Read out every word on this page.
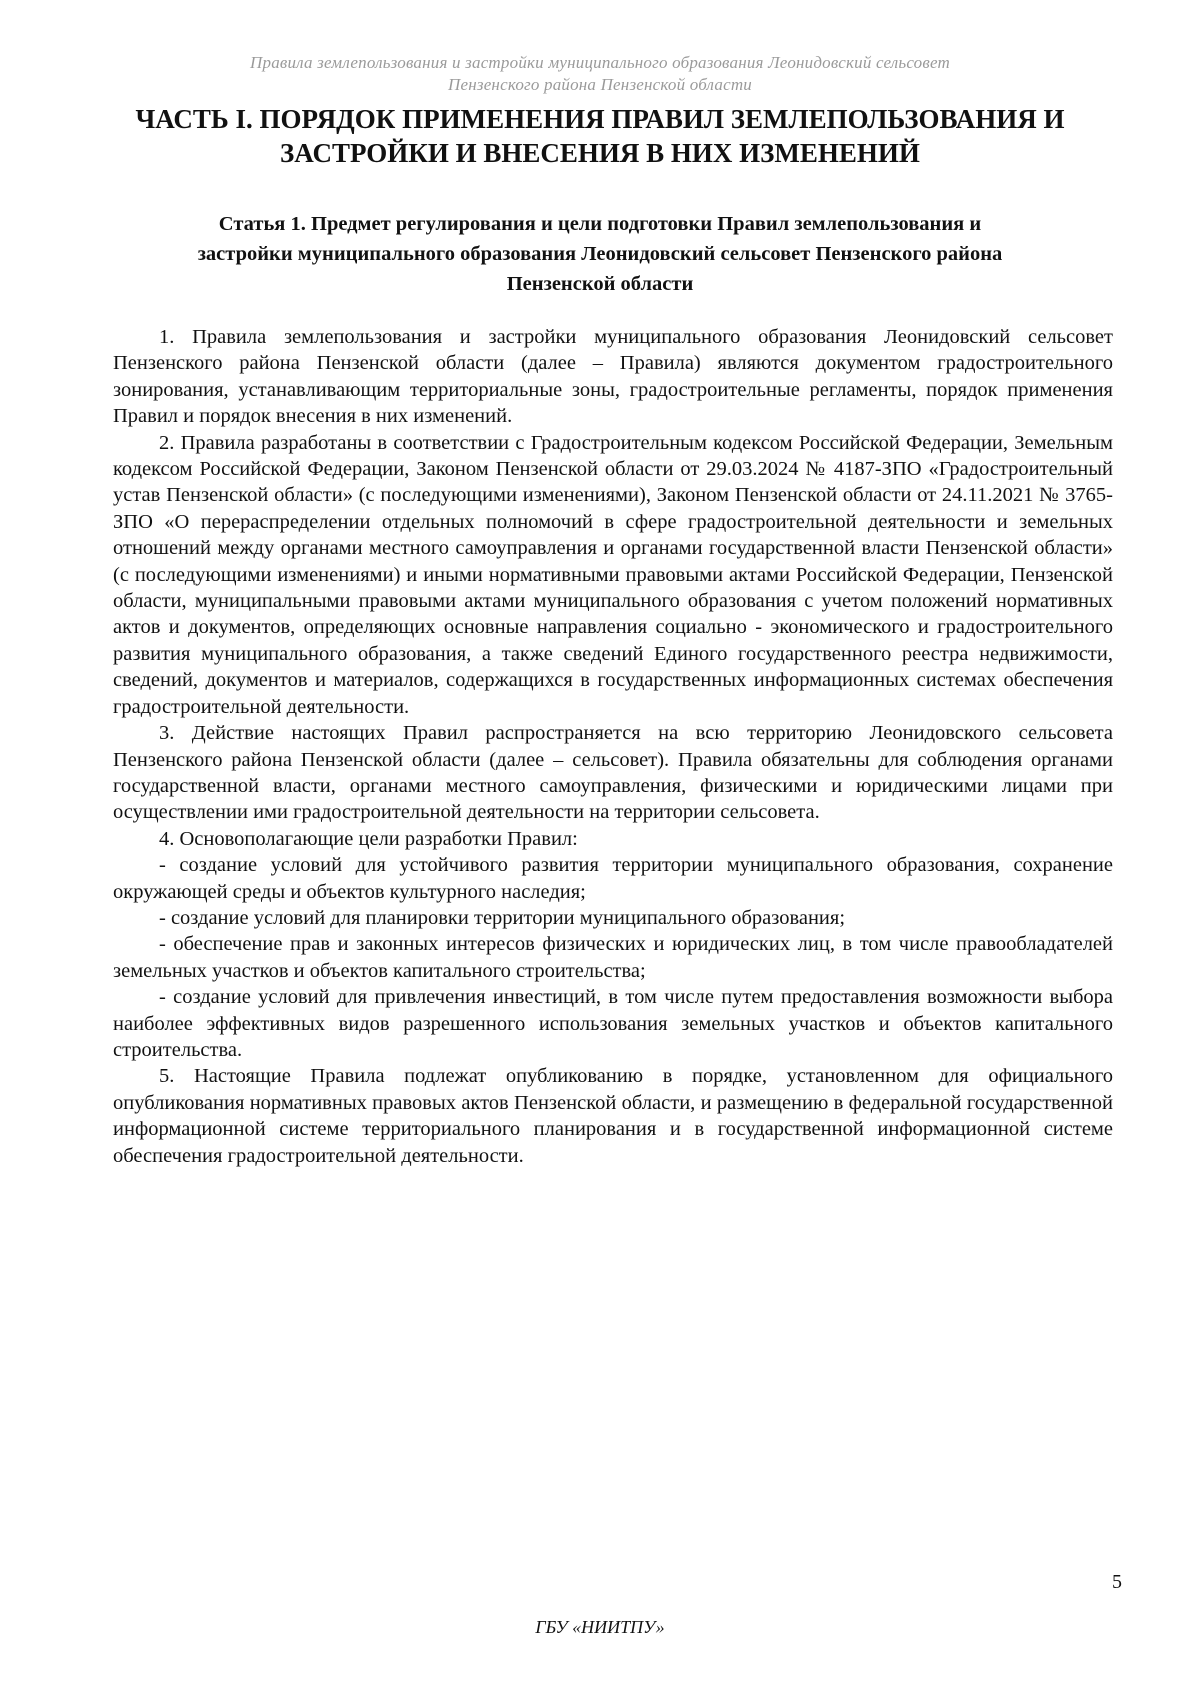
Правила землепользования и застройки муниципального образования Леонидовский сельсовет
Пензенского района Пензенской области
ЧАСТЬ I. ПОРЯДОК ПРИМЕНЕНИЯ ПРАВИЛ ЗЕМЛЕПОЛЬЗОВАНИЯ И
ЗАСТРОЙКИ И ВНЕСЕНИЯ В НИХ ИЗМЕНЕНИЙ
Статья 1. Предмет регулирования и цели подготовки Правил землепользования и
застройки муниципального образования Леонидовский сельсовет Пензенского района
Пензенской области

1. Правила землепользования и застройки муниципального образования Леонидовский сельсовет Пензенского района Пензенской области (далее – Правила) являются документом градостроительного зонирования, устанавливающим территориальные зоны, градостроительные регламенты, порядок применения Правил и порядок внесения в них изменений.

2. Правила разработаны в соответствии с Градостроительным кодексом Российской Федерации, Земельным кодексом Российской Федерации, Законом Пензенской области от 29.03.2024 № 4187-ЗПО «Градостроительный устав Пензенской области» (с последующими изменениями), Законом Пензенской области от 24.11.2021 № 3765-ЗПО «О перераспределении отдельных полномочий в сфере градостроительной деятельности и земельных отношений между органами местного самоуправления и органами государственной власти Пензенской области» (с последующими изменениями) и иными нормативными правовыми актами Российской Федерации, Пензенской области, муниципальными правовыми актами муниципального образования с учетом положений нормативных актов и документов, определяющих основные направления социально - экономического и градостроительного развития муниципального образования, а также сведений Единого государственного реестра недвижимости, сведений, документов и материалов, содержащихся в государственных информационных системах обеспечения градостроительной деятельности.

3. Действие настоящих Правил распространяется на всю территорию Леонидовского сельсовета Пензенского района Пензенской области (далее – сельсовет). Правила обязательны для соблюдения органами государственной власти, органами местного самоуправления, физическими и юридическими лицами при осуществлении ими градостроительной деятельности на территории сельсовета.

4. Основополагающие цели разработки Правил:

- создание условий для устойчивого развития территории муниципального образования, сохранение окружающей среды и объектов культурного наследия;

- создание условий для планировки территории муниципального образования;

- обеспечение прав и законных интересов физических и юридических лиц, в том числе правообладателей земельных участков и объектов капитального строительства;

- создание условий для привлечения инвестиций, в том числе путем предоставления возможности выбора наиболее эффективных видов разрешенного использования земельных участков и объектов капитального строительства.

5. Настоящие Правила подлежат опубликованию в порядке, установленном для официального опубликования нормативных правовых актов Пензенской области, и размещению в федеральной государственной информационной системе территориального планирования и в государственной информационной системе обеспечения градостроительной деятельности.

5
ГБУ «НИИТПУ»
